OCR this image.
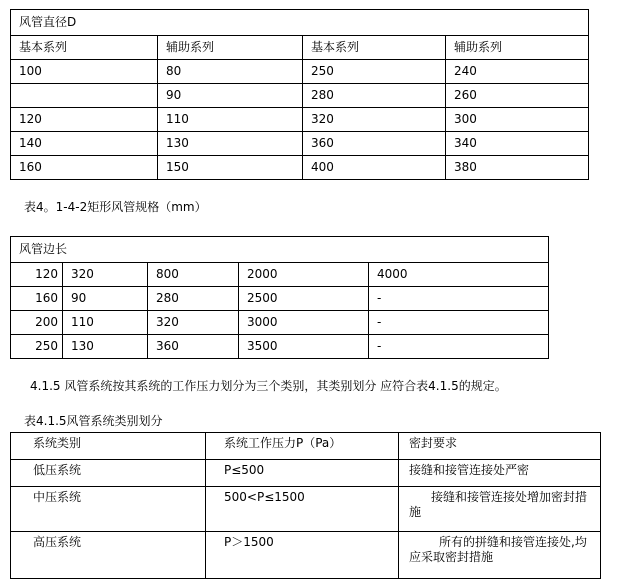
风管直径D			
基本系列	辅助系列	基本系列	辅助系列
100	80	250	240
	90	280	260
120	110	320	300
140	130	360	340
160	150	400	380
表4。1-4-2矩形风管规格（mm）
风管边长				
120	320	800	2000	4000
160	90	280	2500	-
200	110	320	3000	-
250	130	360	3500	-
4.1.5 风管系统按其系统的工作压力划分为三个类别，其类别划分 应符合表4.1.5的规定。
表4.1.5风管系统类别划分
系统类别	系统工作压力P（Pa）	密封要求
低压系统	P≤500	接缝和接管连接处严密
中压系统	500<P≤1500	接缝和接管连接处增加密封措施
高压系统	P＞1500	所有的拼缝和接管连接处,均应采取密封措施
